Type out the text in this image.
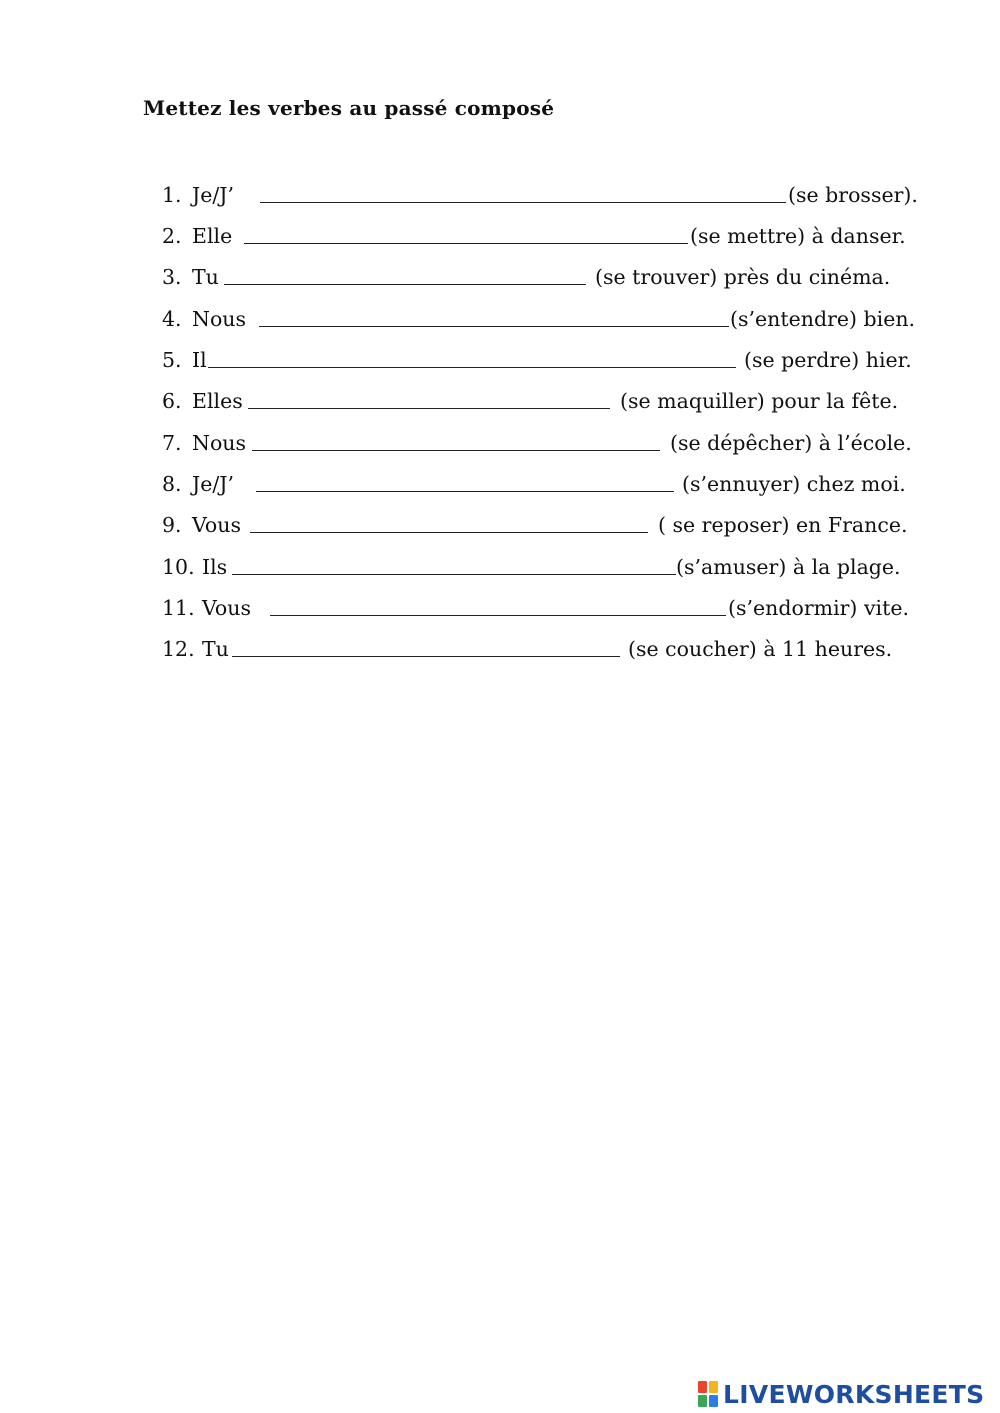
Mettez les verbes au passé composé
1. Je/J’	(se brosser).
2. Elle	(se mettre) à danser.
3. Tu	(se trouver) près du cinéma.
4. Nous	(s’entendre) bien.
5. Il	(se perdre) hier.
6. Elles	(se maquiller) pour la fête.
7. Nous	(se dépêcher) à l’école.
8. Je/J’	(s’ennuyer) chez moi.
9. Vous	( se reposer) en France.
10. Ils	(s’amuser) à la plage.
11. Vous	(s’endormir) vite.
12. Tu	(se coucher) à 11 heures.
LIVEWORKSHEETS
